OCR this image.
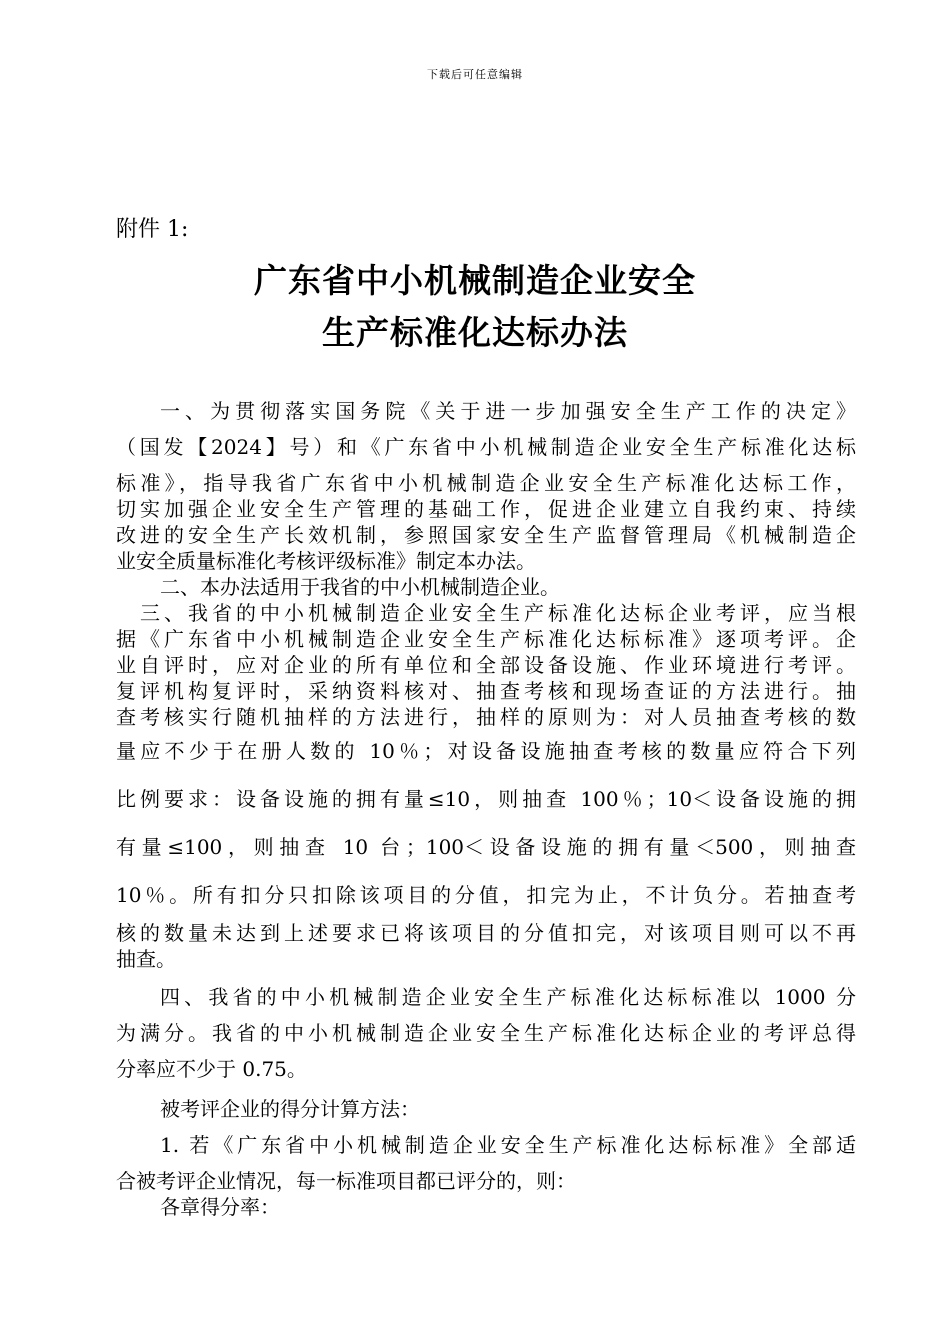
下载后可任意编辑
附件 1:
广东省中小机械制造企业安全
生产标准化达标办法
一、为贯彻落实国务院《关于进一步加强安全生产工作的决定》
（国发【2024】号）和《广东省中小机械制造企业安全生产标准化达标
标准》，指导我省广东省中小机械制造企业安全生产标准化达标工作，
切实加强企业安全生产管理的基础工作，促进企业建立自我约束、持续
改进的安全生产长效机制，参照国家安全生产监督管理局《机械制造企
业安全质量标准化考核评级标准》制定本办法。
二、本办法适用于我省的中小机械制造企业。
三、我省的中小机械制造企业安全生产标准化达标企业考评，应当根
据《广东省中小机械制造企业安全生产标准化达标标准》逐项考评。企
业自评时，应对企业的所有单位和全部设备设施、作业环境进行考评。
复评机构复评时，采纳资料核对、抽查考核和现场查证的方法进行。抽
查考核实行随机抽样的方法进行，抽样的原则为：对人员抽查考核的数
量应不少于在册人数的 10％；对设备设施抽查考核的数量应符合下列
比例要求：设备设施的拥有量≤10，则抽查 100％；10＜设备设施的拥
有量≤100，则抽查 10 台；100＜设备设施的拥有量＜500，则抽查
10％。所有扣分只扣除该项目的分值，扣完为止，不计负分。若抽查考
核的数量未达到上述要求已将该项目的分值扣完，对该项目则可以不再
抽查。
四、我省的中小机械制造企业安全生产标准化达标标准以 1000 分
为满分。我省的中小机械制造企业安全生产标准化达标企业的考评总得
分率应不少于 0.75。
被考评企业的得分计算方法：
1. 若《广东省中小机械制造企业安全生产标准化达标标准》全部适
合被考评企业情况，每一标准项目都已评分的，则：
各章得分率：
